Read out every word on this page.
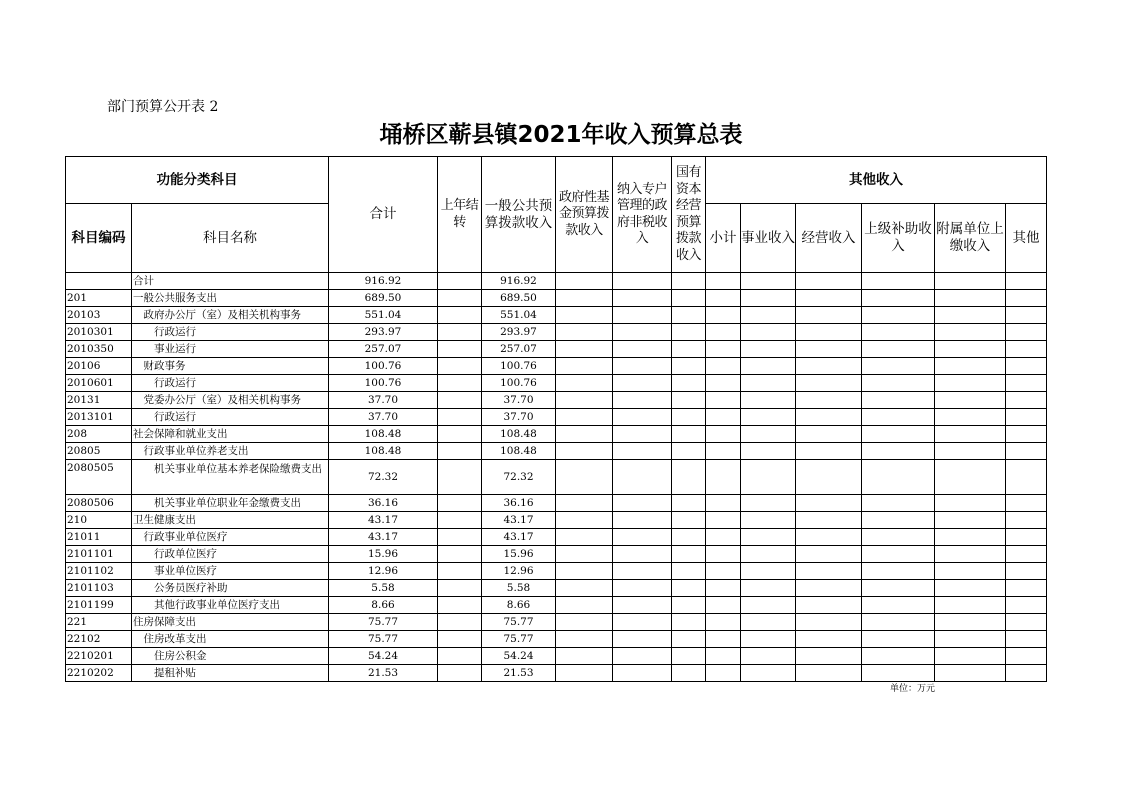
部门预算公开表 2
埇桥区蕲县镇2021年收入预算总表
功能分类科目		合计	上年结转	一般公共预算拨款收入	政府性基金预算拨款收入	纳入专户管理的政府非税收入	国有资本经营预算拨款收入	其他收入					
科目编码	科目名称							小计	事业收入	经营收入	上级补助收入	附属单位上缴收入	其他
	合计	916.92		916.92									
201	一般公共服务支出	689.50		689.50									
20103	　政府办公厅（室）及相关机构事务	551.04		551.04									
2010301	　　行政运行	293.97		293.97									
2010350	　　事业运行	257.07		257.07									
20106	　财政事务	100.76		100.76									
2010601	　　行政运行	100.76		100.76									
20131	　党委办公厅（室）及相关机构事务	37.70		37.70									
2013101	　　行政运行	37.70		37.70									
208	社会保障和就业支出	108.48		108.48									
20805	　行政事业单位养老支出	108.48		108.48									
2080505	　　机关事业单位基本养老保险缴费支出	72.32		72.32									
2080506	　　机关事业单位职业年金缴费支出	36.16		36.16									
210	卫生健康支出	43.17		43.17									
21011	　行政事业单位医疗	43.17		43.17									
2101101	　　行政单位医疗	15.96		15.96									
2101102	　　事业单位医疗	12.96		12.96									
2101103	　　公务员医疗补助	5.58		5.58									
2101199	　　其他行政事业单位医疗支出	8.66		8.66									
221	住房保障支出	75.77		75.77									
22102	　住房改革支出	75.77		75.77									
2210201	　　住房公积金	54.24		54.24									
2210202	　　提租补贴	21.53		21.53									
单位：万元
